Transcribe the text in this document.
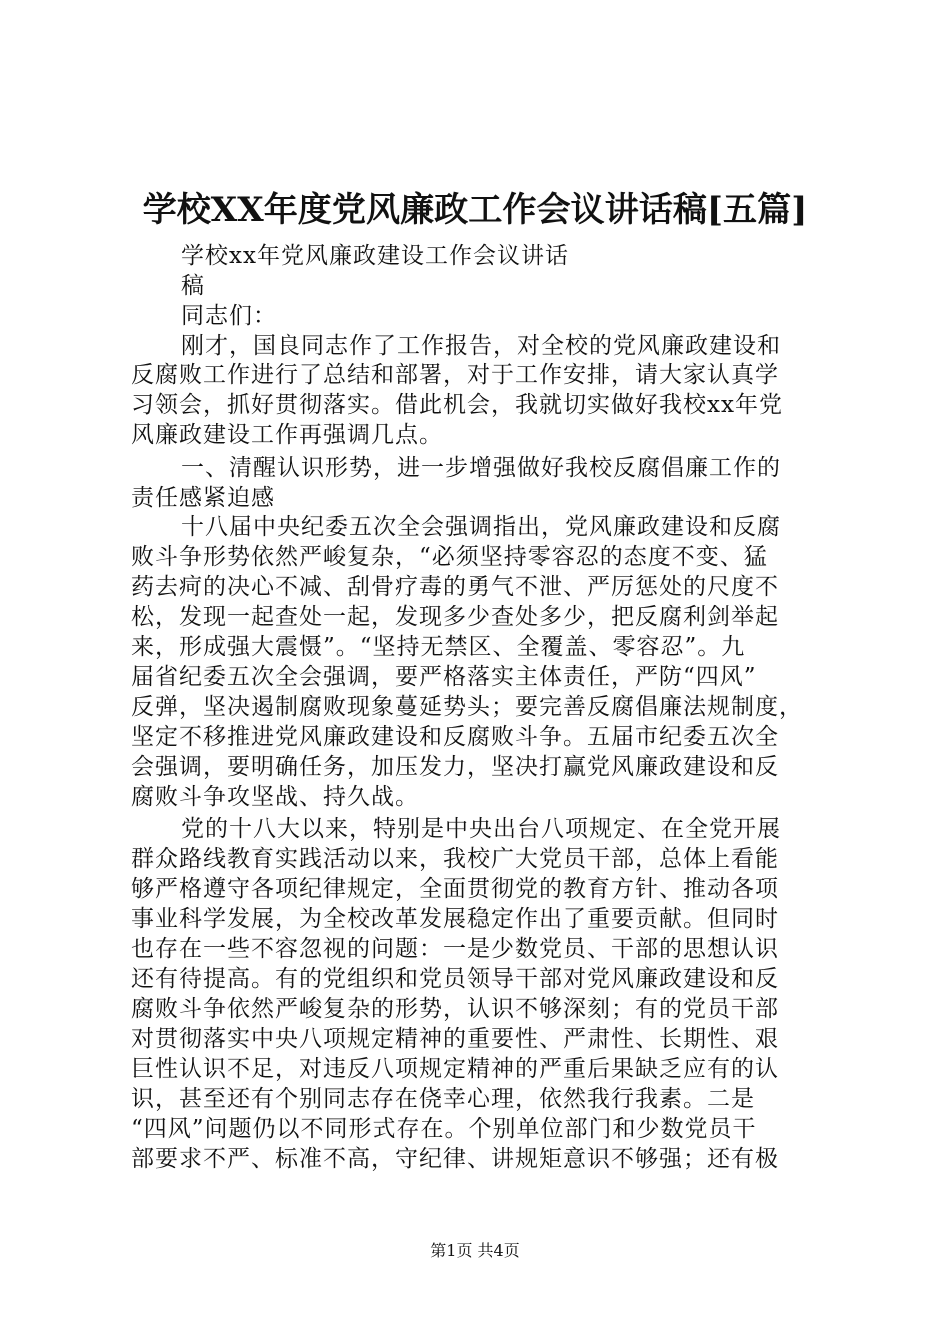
学校XX年度党风廉政工作会议讲话稿[五篇]
学校xx年党风廉政建设工作会议讲话
稿
同志们：
刚才，国良同志作了工作报告，对全校的党风廉政建设和
反腐败工作进行了总结和部署，对于工作安排，请大家认真学
习领会，抓好贯彻落实。借此机会，我就切实做好我校xx年党
风廉政建设工作再强调几点。
一、清醒认识形势，进一步增强做好我校反腐倡廉工作的
责任感紧迫感
十八届中央纪委五次全会强调指出，党风廉政建设和反腐
败斗争形势依然严峻复杂，“必须坚持零容忍的态度不变、猛
药去疴的决心不减、刮骨疗毒的勇气不泄、严厉惩处的尺度不
松，发现一起查处一起，发现多少查处多少，把反腐利剑举起
来，形成强大震慑”。“坚持无禁区、全覆盖、零容忍”。九
届省纪委五次全会强调，要严格落实主体责任，严防“四风”
反弹，坚决遏制腐败现象蔓延势头；要完善反腐倡廉法规制度，
坚定不移推进党风廉政建设和反腐败斗争。五届市纪委五次全
会强调，要明确任务，加压发力，坚决打赢党风廉政建设和反
腐败斗争攻坚战、持久战。
党的十八大以来，特别是中央出台八项规定、在全党开展
群众路线教育实践活动以来，我校广大党员干部，总体上看能
够严格遵守各项纪律规定，全面贯彻党的教育方针、推动各项
事业科学发展，为全校改革发展稳定作出了重要贡献。但同时
也存在一些不容忽视的问题：一是少数党员、干部的思想认识
还有待提高。有的党组织和党员领导干部对党风廉政建设和反
腐败斗争依然严峻复杂的形势，认识不够深刻；有的党员干部
对贯彻落实中央八项规定精神的重要性、严肃性、长期性、艰
巨性认识不足，对违反八项规定精神的严重后果缺乏应有的认
识，甚至还有个别同志存在侥幸心理，依然我行我素。二是
“四风”问题仍以不同形式存在。个别单位部门和少数党员干
部要求不严、标准不高，守纪律、讲规矩意识不够强；还有极
第1页 共4页
